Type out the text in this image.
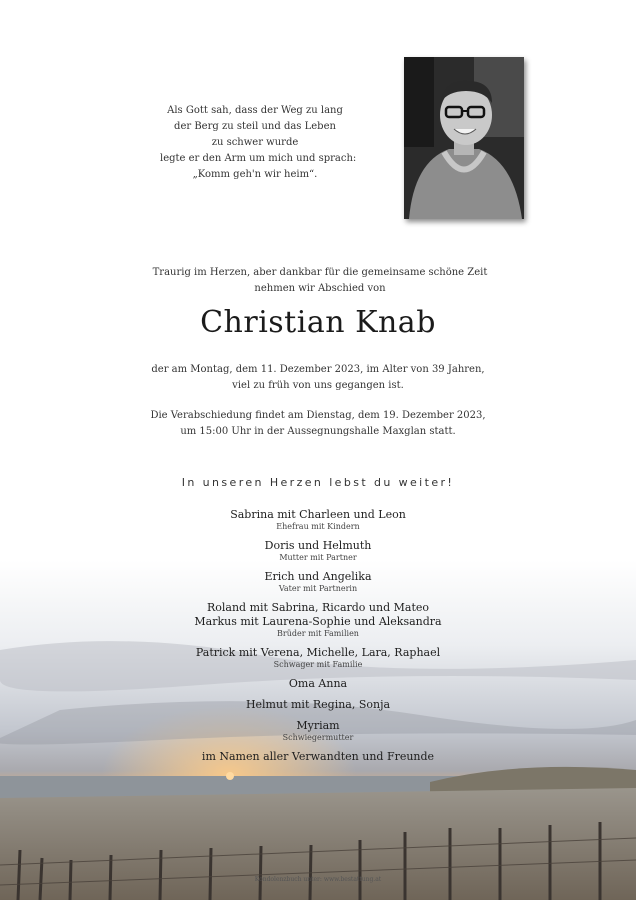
Als Gott sah, dass der Weg zu lang
der Berg zu steil und das Leben
zu schwer wurde
legte er den Arm um mich und sprach:
„Komm geh'n wir heim“.
Traurig im Herzen, aber dankbar für die gemeinsame schöne Zeit
nehmen wir Abschied von
Christian Knab
der am Montag, dem 11. Dezember 2023, im Alter von 39 Jahren,
viel zu früh von uns gegangen ist.
Die Verabschiedung findet am Dienstag, dem 19. Dezember 2023,
um 15:00 Uhr in der Aussegnungshalle Maxglan statt.
In unseren Herzen lebst du weiter!
Sabrina mit Charleen und Leon
Ehefrau mit Kindern
Doris und Helmuth
Mutter mit Partner
Erich und Angelika
Vater mit Partnerin
Roland mit Sabrina, Ricardo und Mateo
Markus mit Laurena-Sophie und Aleksandra
Brüder mit Familien
Patrick mit Verena, Michelle, Lara, Raphael
Schwager mit Familie
Oma Anna
Helmut mit Regina, Sonja
Myriam
Schwiegermutter
im Namen aller Verwandten und Freunde
Kondolenzbuch unter: www.bestattung.at
